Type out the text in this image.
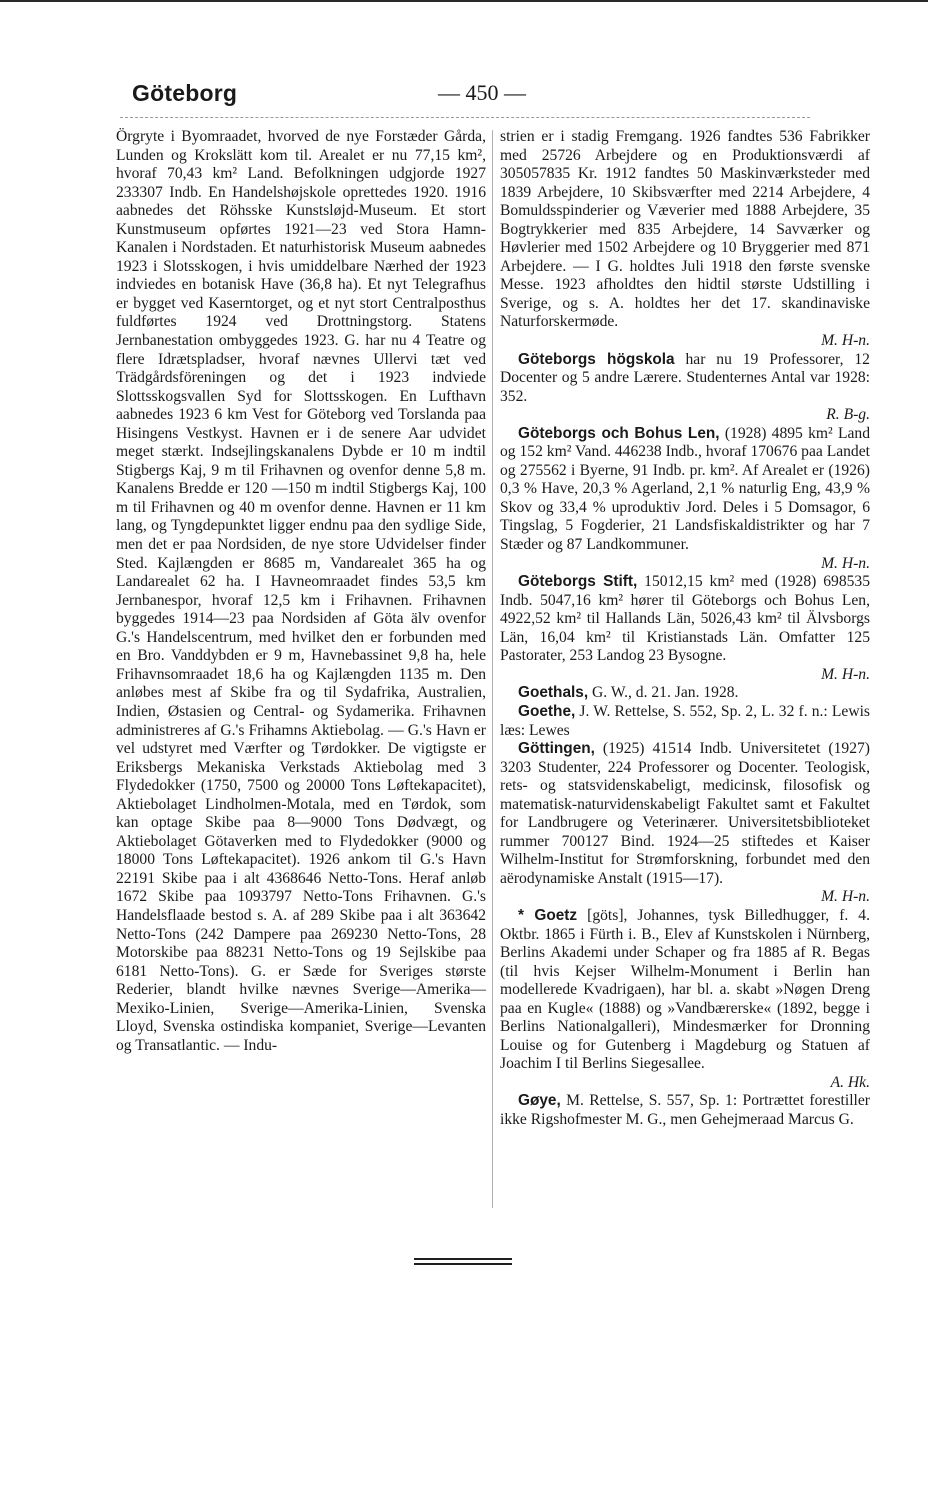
Göteborg	— 450 —

Örgryte i Byomraadet, hvorved de nye Forstæder Gårda, Lunden og Krokslätt kom til. Arealet er nu 77,15 km², hvoraf 70,43 km² Land. Befolkningen udgjorde 1927 233307 Indb. En Handelshøjskole oprettedes 1920. 1916 aabnedes det Röhsske Kunstsløjd-Museum. Et stort Kunstmuseum opførtes 1921—23 ved Stora Hamn-Kanalen i Nordstaden. Et naturhistorisk Museum aabnedes 1923 i Slotsskogen, i hvis umiddelbare Nærhed der 1923 indviedes en botanisk Have (36,8 ha). Et nyt Telegrafhus er bygget ved Kaserntorget, og et nyt stort Centralposthus fuldførtes 1924 ved Drottningstorg. Statens Jernbanestation ombyggedes 1923. G. har nu 4 Teatre og flere Idrætspladser, hvoraf nævnes Ullervi tæt ved Trädgårdsföreningen og det i 1923 indviede Slottsskogsvallen Syd for Slottsskogen. En Lufthavn aabnedes 1923 6 km Vest for Göteborg ved Torslanda paa Hisingens Vestkyst. Havnen er i de senere Aar udvidet meget stærkt. Indsejlingskanalens Dybde er 10 m indtil Stigbergs Kaj, 9 m til Frihavnen og ovenfor denne 5,8 m. Kanalens Bredde er 120 —150 m indtil Stigbergs Kaj, 100 m til Frihavnen og 40 m ovenfor denne. Havnen er 11 km lang, og Tyngdepunktet ligger endnu paa den sydlige Side, men det er paa Nordsiden, de nye store Udvidelser finder Sted. Kajlængden er 8685 m, Vandarealet 365 ha og Landarealet 62 ha. I Havneomraadet findes 53,5 km Jernbanespor, hvoraf 12,5 km i Frihavnen. Frihavnen byggedes 1914—23 paa Nordsiden af Göta älv ovenfor G.'s Handelscentrum, med hvilket den er forbunden med en Bro. Vanddybden er 9 m, Havnebassinet 9,8 ha, hele Frihavnsomraadet 18,6 ha og Kajlængden 1135 m. Den anløbes mest af Skibe fra og til Sydafrika, Australien, Indien, Østasien og Central- og Sydamerika. Frihavnen administreres af G.'s Frihamns Aktiebolag. — G.'s Havn er vel udstyret med Værfter og Tørdokker. De vigtigste er Eriksbergs Mekaniska Verkstads Aktiebolag med 3 Flydedokker (1750, 7500 og 20000 Tons Løftekapacitet), Aktiebolaget Lindholmen-Motala, med en Tørdok, som kan optage Skibe paa 8—9000 Tons Dødvægt, og Aktiebolaget Götaverken med to Flydedokker (9000 og 18000 Tons Løftekapacitet). 1926 ankom til G.'s Havn 22191 Skibe paa i alt 4368646 Netto-Tons. Heraf anløb 1672 Skibe paa 1093797 Netto-Tons Frihavnen. G.'s Handelsflaade bestod s. A. af 289 Skibe paa i alt 363642 Netto-Tons (242 Dampere paa 269230 Netto-Tons, 28 Motorskibe paa 88231 Netto-Tons og 19 Sejlskibe paa 6181 Netto-Tons). G. er Sæde for Sveriges største Rederier, blandt hvilke nævnes Sverige—Amerika—Mexiko-Linien, Sverige—Amerika-Linien, Svenska Lloyd, Svenska ostindiska kompaniet, Sverige—Levanten og Transatlantic. — Indu-

strien er i stadig Fremgang. 1926 fandtes 536 Fabrikker med 25726 Arbejdere og en Produktionsværdi af 305057835 Kr. 1912 fandtes 50 Maskinværksteder med 1839 Arbejdere, 10 Skibsværfter med 2214 Arbejdere, 4 Bomuldsspinderier og Væverier med 1888 Arbejdere, 35 Bogtrykkerier med 835 Arbejdere, 14 Savværker og Høvlerier med 1502 Arbejdere og 10 Bryggerier med 871 Arbejdere. — I G. holdtes Juli 1918 den første svenske Messe. 1923 afholdtes den hidtil største Udstilling i Sverige, og s. A. holdtes her det 17. skandinaviske Naturforskermøde.
M. H-n.

Göteborgs högskola har nu 19 Professorer, 12 Docenter og 5 andre Lærere. Studenternes Antal var 1928: 352.
R. B-g.

Göteborgs och Bohus Len, (1928) 4895 km² Land og 152 km² Vand. 446238 Indb., hvoraf 170676 paa Landet og 275562 i Byerne, 91 Indb. pr. km². Af Arealet er (1926) 0,3 % Have, 20,3 % Agerland, 2,1 % naturlig Eng, 43,9 % Skov og 33,4 % uproduktiv Jord. Deles i 5 Domsagor, 6 Tingslag, 5 Fogderier, 21 Landsfiskaldistrikter og har 7 Stæder og 87 Landkommuner.
M. H-n.

Göteborgs Stift, 15012,15 km² med (1928) 698535 Indb. 5047,16 km² hører til Göteborgs och Bohus Len, 4922,52 km² til Hallands Län, 5026,43 km² til Älvsborgs Län, 16,04 km² til Kristianstads Län. Omfatter 125 Pastorater, 253 Landog 23 Bysogne.
M. H-n.

Goethals, G. W., d. 21. Jan. 1928.

Goethe, J. W. Rettelse, S. 552, Sp. 2, L. 32 f. n.: Lewis læs: Lewes

Göttingen, (1925) 41514 Indb. Universitetet (1927) 3203 Studenter, 224 Professorer og Docenter. Teologisk, rets- og statsvidenskabeligt, medicinsk, filosofisk og matematisk-naturvidenskabeligt Fakultet samt et Fakultet for Landbrugere og Veterinærer. Universitetsbiblioteket rummer 700127 Bind. 1924—25 stiftedes et Kaiser Wilhelm-Institut for Strømforskning, forbundet med den aërodynamiske Anstalt (1915—17).
M. H-n.

* Goetz [göts], Johannes, tysk Billedhugger, f. 4. Oktbr. 1865 i Fürth i. B., Elev af Kunstskolen i Nürnberg, Berlins Akademi under Schaper og fra 1885 af R. Begas (til hvis Kejser Wilhelm-Monument i Berlin han modellerede Kvadrigaen), har bl. a. skabt »Nøgen Dreng paa en Kugle« (1888) og »Vandbærerske« (1892, begge i Berlins Nationalgalleri), Mindesmærker for Dronning Louise og for Gutenberg i Magdeburg og Statuen af Joachim I til Berlins Siegesallee.
A. Hk.

Gøye, M. Rettelse, S. 557, Sp. 1: Portrættet forestiller ikke Rigshofmester M. G., men Gehejmeraad Marcus G.
